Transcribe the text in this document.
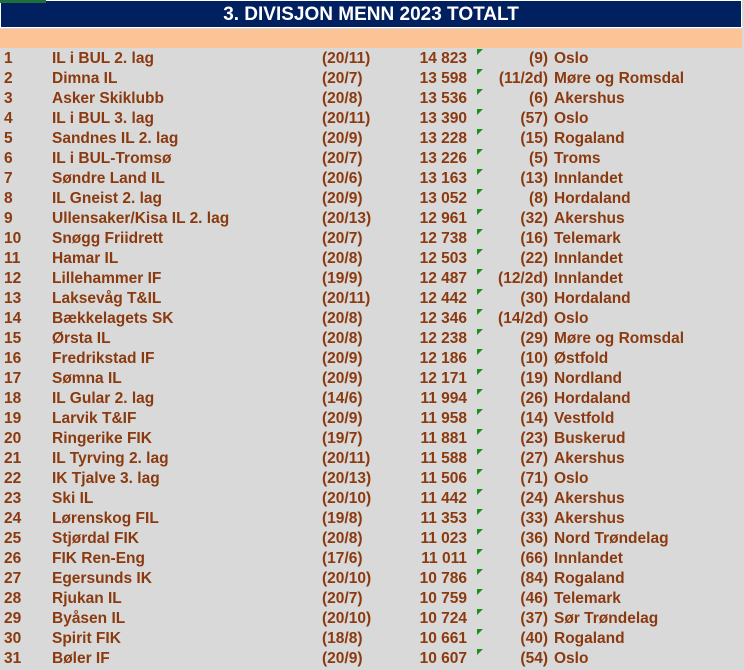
3. DIVISJON MENN 2023 TOTALT
1	IL i BUL 2. lag	(20/11)	14 823	(9) Oslo
2	Dimna IL	(20/7)	13 598	(11/2d) Møre og Romsdal
3	Asker Skiklubb	(20/8)	13 536	(6) Akershus
4	IL i BUL 3. lag	(20/11)	13 390	(57) Oslo
5	Sandnes IL 2. lag	(20/9)	13 228	(15) Rogaland
6	IL i BUL-Tromsø	(20/7)	13 226	(5) Troms
7	Søndre Land IL	(20/6)	13 163	(13) Innlandet
8	IL Gneist 2. lag	(20/9)	13 052	(8) Hordaland
9	Ullensaker/Kisa IL 2. lag	(20/13)	12 961	(32) Akershus
10 Snøgg Friidrett	(20/7)	12 738	(16) Telemark
11 Hamar IL	(20/8)	12 503	(22) Innlandet
12 Lillehammer IF	(19/9)	12 487	(12/2d) Innlandet
13 Laksevåg T&IL	(20/11)	12 442	(30) Hordaland
14 Bækkelagets SK	(20/8)	12 346	(14/2d) Oslo
15 Ørsta IL	(20/8)	12 238	(29) Møre og Romsdal
16 Fredrikstad IF	(20/9)	12 186	(10) Østfold
17 Sømna IL	(20/9)	12 171	(19) Nordland
18 IL Gular 2. lag	(14/6)	11 994	(26) Hordaland
19 Larvik T&IF	(20/9)	11 958	(14) Vestfold
20 Ringerike FIK	(19/7)	11 881	(23) Buskerud
21 IL Tyrving 2. lag	(20/11)	11 588	(27) Akershus
22 IK Tjalve 3. lag	(20/13)	11 506	(71) Oslo
23 Ski IL	(20/10)	11 442	(24) Akershus
24 Lørenskog FIL	(19/8)	11 353	(33) Akershus
25 Stjørdal FIK	(20/8)	11 023	(36) Nord Trøndelag
26 FIK Ren-Eng	(17/6)	11 011	(66) Innlandet
27 Egersunds IK	(20/10)	10 786	(84) Rogaland
28 Rjukan IL	(20/7)	10 759	(46) Telemark
29 Byåsen IL	(20/10)	10 724	(37) Sør Trøndelag
30 Spirit FIK	(18/8)	10 661	(40) Rogaland
31 Bøler IF	(20/9)	10 607	(54) Oslo
